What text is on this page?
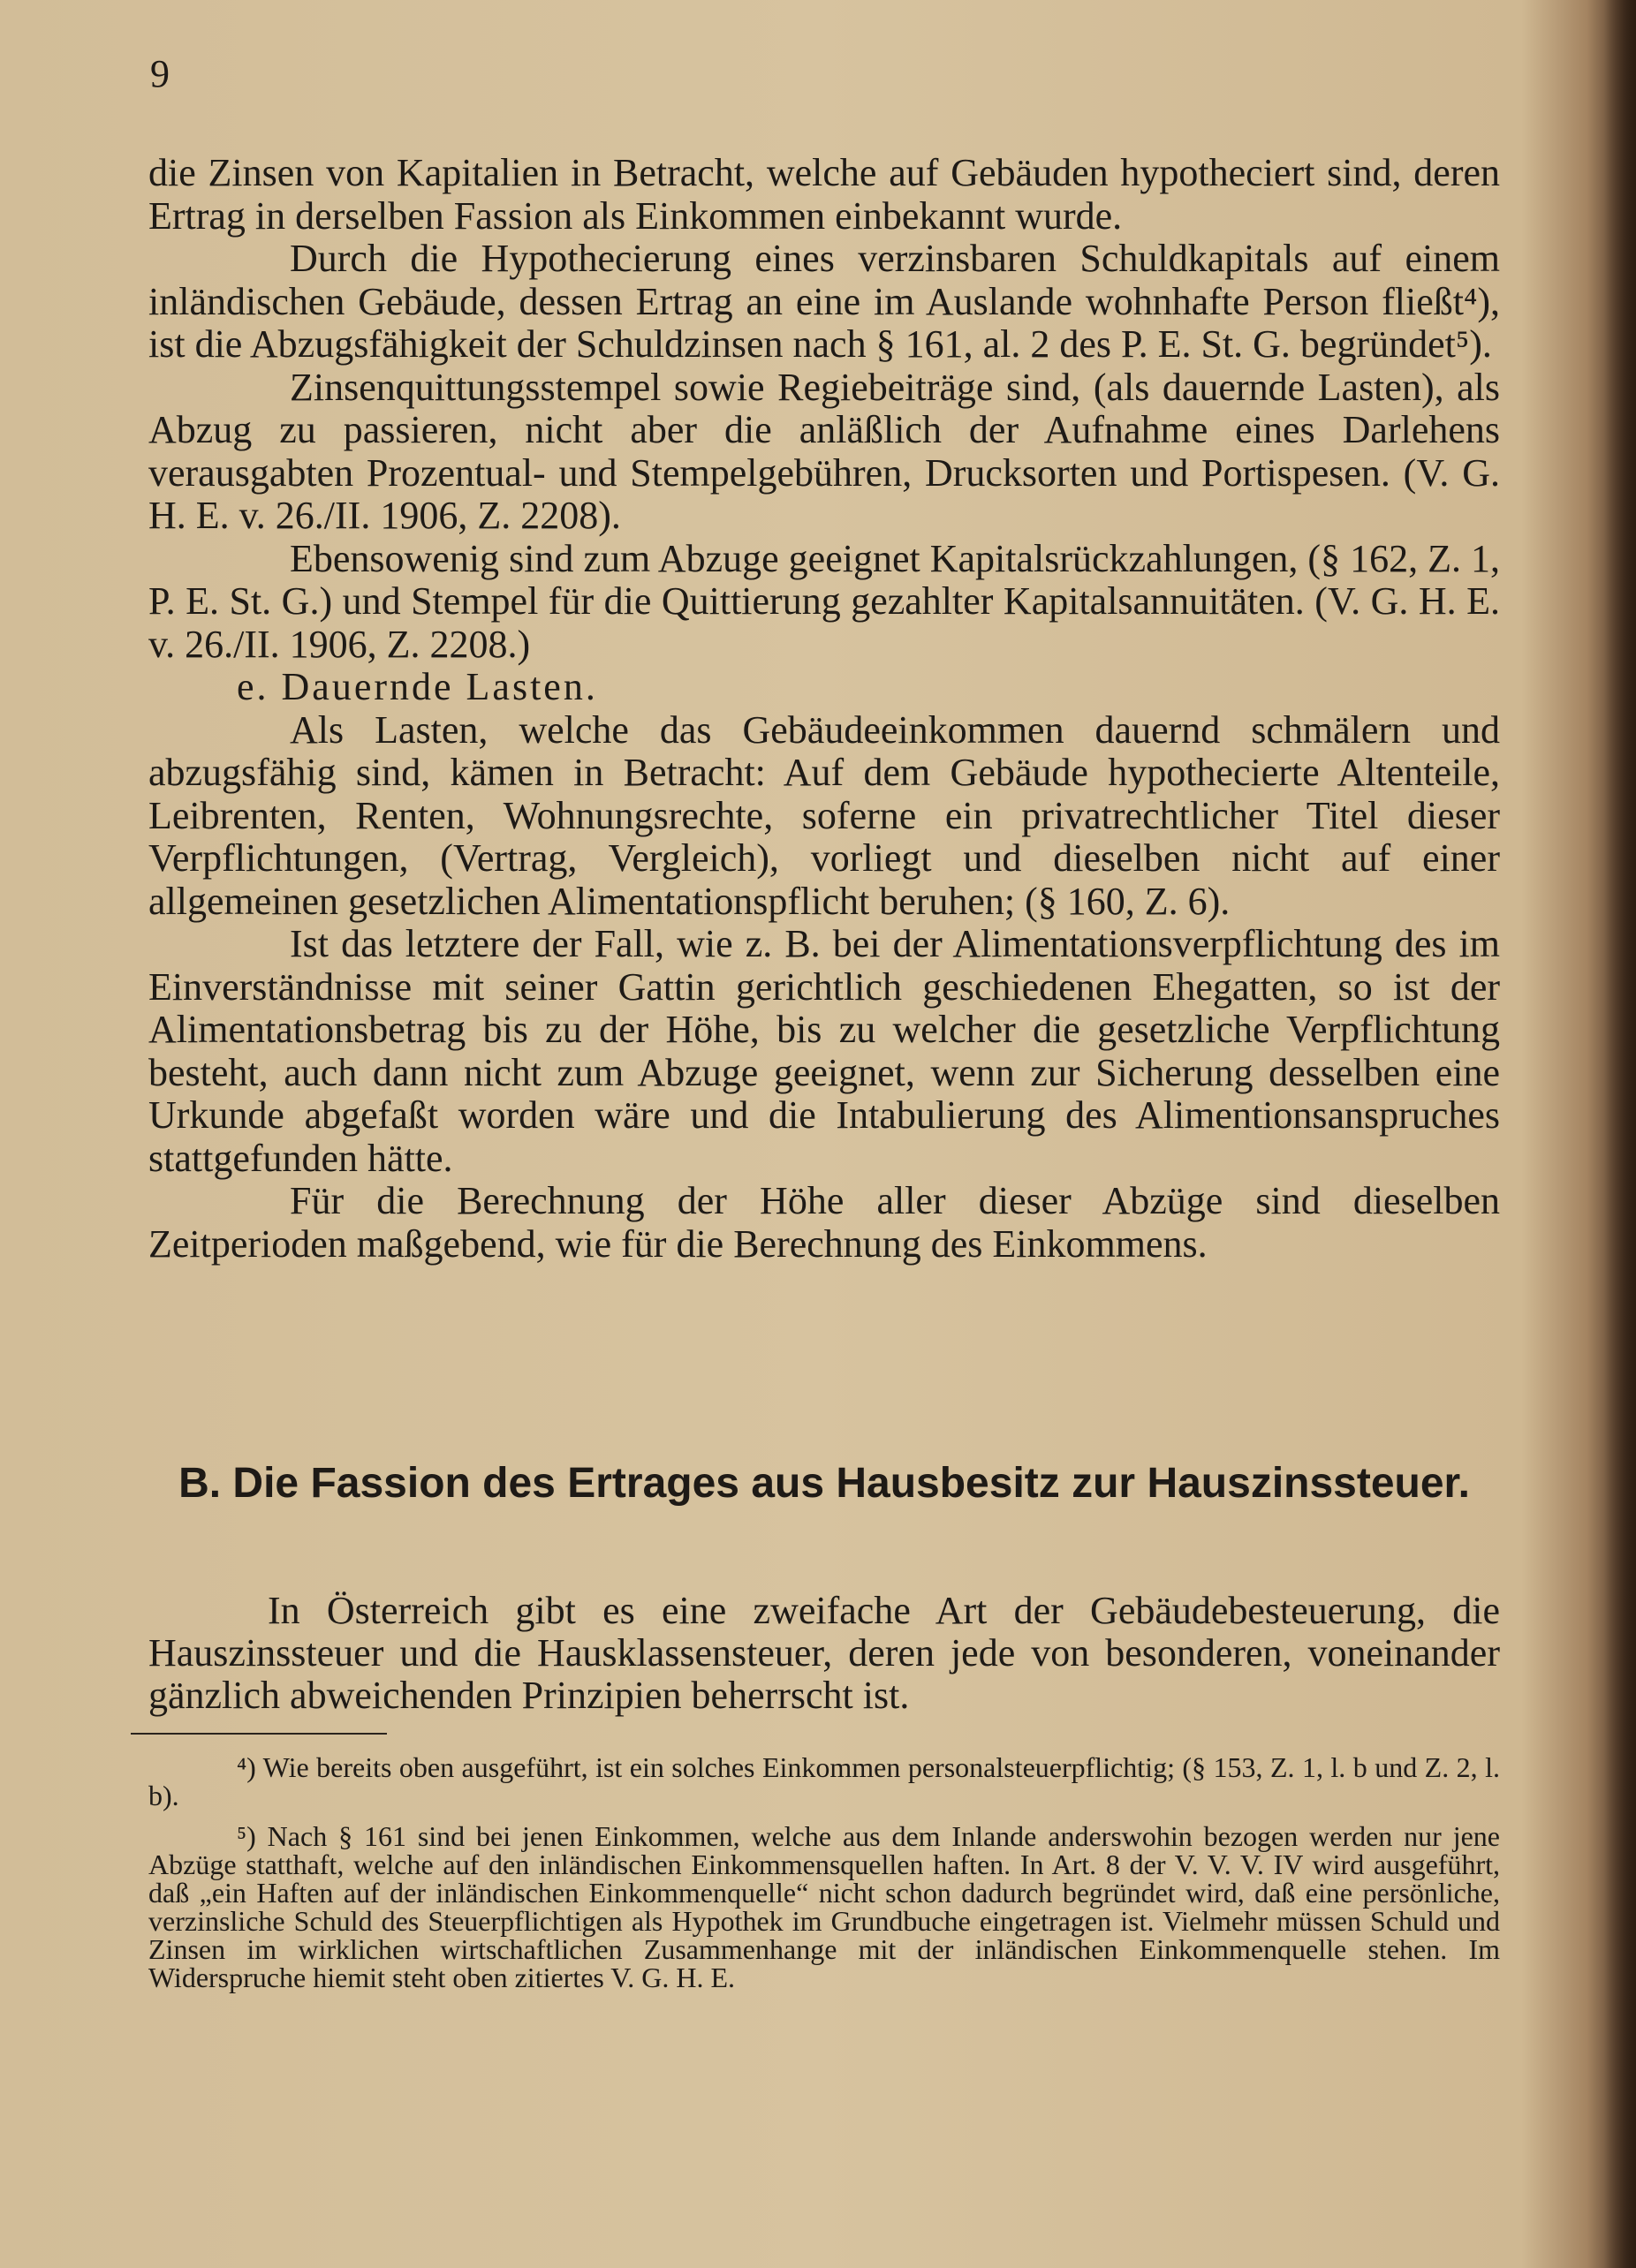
9

die Zinsen von Kapitalien in Betracht, welche auf Gebäuden hypotheciert sind, deren Ertrag in derselben Fassion als Einkommen einbekannt wurde.

Durch die Hypothecierung eines verzinsbaren Schuldkapitals auf einem inländischen Gebäude, dessen Ertrag an eine im Auslande wohnhafte Person fließt⁴), ist die Abzugsfähigkeit der Schuldzinsen nach § 161, al. 2 des P. E. St. G. begründet⁵).

Zinsenquittungsstempel sowie Regiebeiträge sind, (als dauernde Lasten), als Abzug zu passieren, nicht aber die anläßlich der Aufnahme eines Darlehens verausgabten Prozentual- und Stempelgebühren, Drucksorten und Portispesen. (V. G. H. E. v. 26./II. 1906, Z. 2208).

Ebensowenig sind zum Abzuge geeignet Kapitalsrückzahlungen, (§ 162, Z. 1, P. E. St. G.) und Stempel für die Quittierung gezahlter Kapitalsannuitäten. (V. G. H. E. v. 26./II. 1906, Z. 2208.)

e. Dauernde Lasten.

Als Lasten, welche das Gebäudeeinkommen dauernd schmälern und abzugsfähig sind, kämen in Betracht: Auf dem Gebäude hypothecierte Altenteile, Leibrenten, Renten, Wohnungsrechte, soferne ein privatrechtlicher Titel dieser Verpflichtungen, (Vertrag, Vergleich), vorliegt und dieselben nicht auf einer allgemeinen gesetzlichen Alimentationspflicht beruhen; (§ 160, Z. 6).

Ist das letztere der Fall, wie z. B. bei der Alimentationsverpflichtung des im Einverständnisse mit seiner Gattin gerichtlich geschiedenen Ehegatten, so ist der Alimentationsbetrag bis zu der Höhe, bis zu welcher die gesetzliche Verpflichtung besteht, auch dann nicht zum Abzuge geeignet, wenn zur Sicherung desselben eine Urkunde abgefaßt worden wäre und die Intabulierung des Alimentionsanspruches stattgefunden hätte.

Für die Berechnung der Höhe aller dieser Abzüge sind dieselben Zeitperioden maßgebend, wie für die Berechnung des Einkommens.

B. Die Fassion des Ertrages aus Hausbesitz zur Hauszinssteuer.

In Österreich gibt es eine zweifache Art der Gebäudebesteuerung, die Hauszinssteuer und die Hausklassensteuer, deren jede von besonderen, voneinander gänzlich abweichenden Prinzipien beherrscht ist.

⁴) Wie bereits oben ausgeführt, ist ein solches Einkommen personalsteuerpflichtig; (§ 153, Z. 1, l. b und Z. 2, l. b).

⁵) Nach § 161 sind bei jenen Einkommen, welche aus dem Inlande anderswohin bezogen werden nur jene Abzüge statthaft, welche auf den inländischen Einkommensquellen haften. In Art. 8 der V. V. V. IV wird ausgeführt, daß „ein Haften auf der inländischen Einkommenquelle“ nicht schon dadurch begründet wird, daß eine persönliche, verzinsliche Schuld des Steuerpflichtigen als Hypothek im Grundbuche eingetragen ist. Vielmehr müssen Schuld und Zinsen im wirklichen wirtschaftlichen Zusammenhange mit der inländischen Einkommenquelle stehen. Im Widerspruche hiemit steht oben zitiertes V. G. H. E.
